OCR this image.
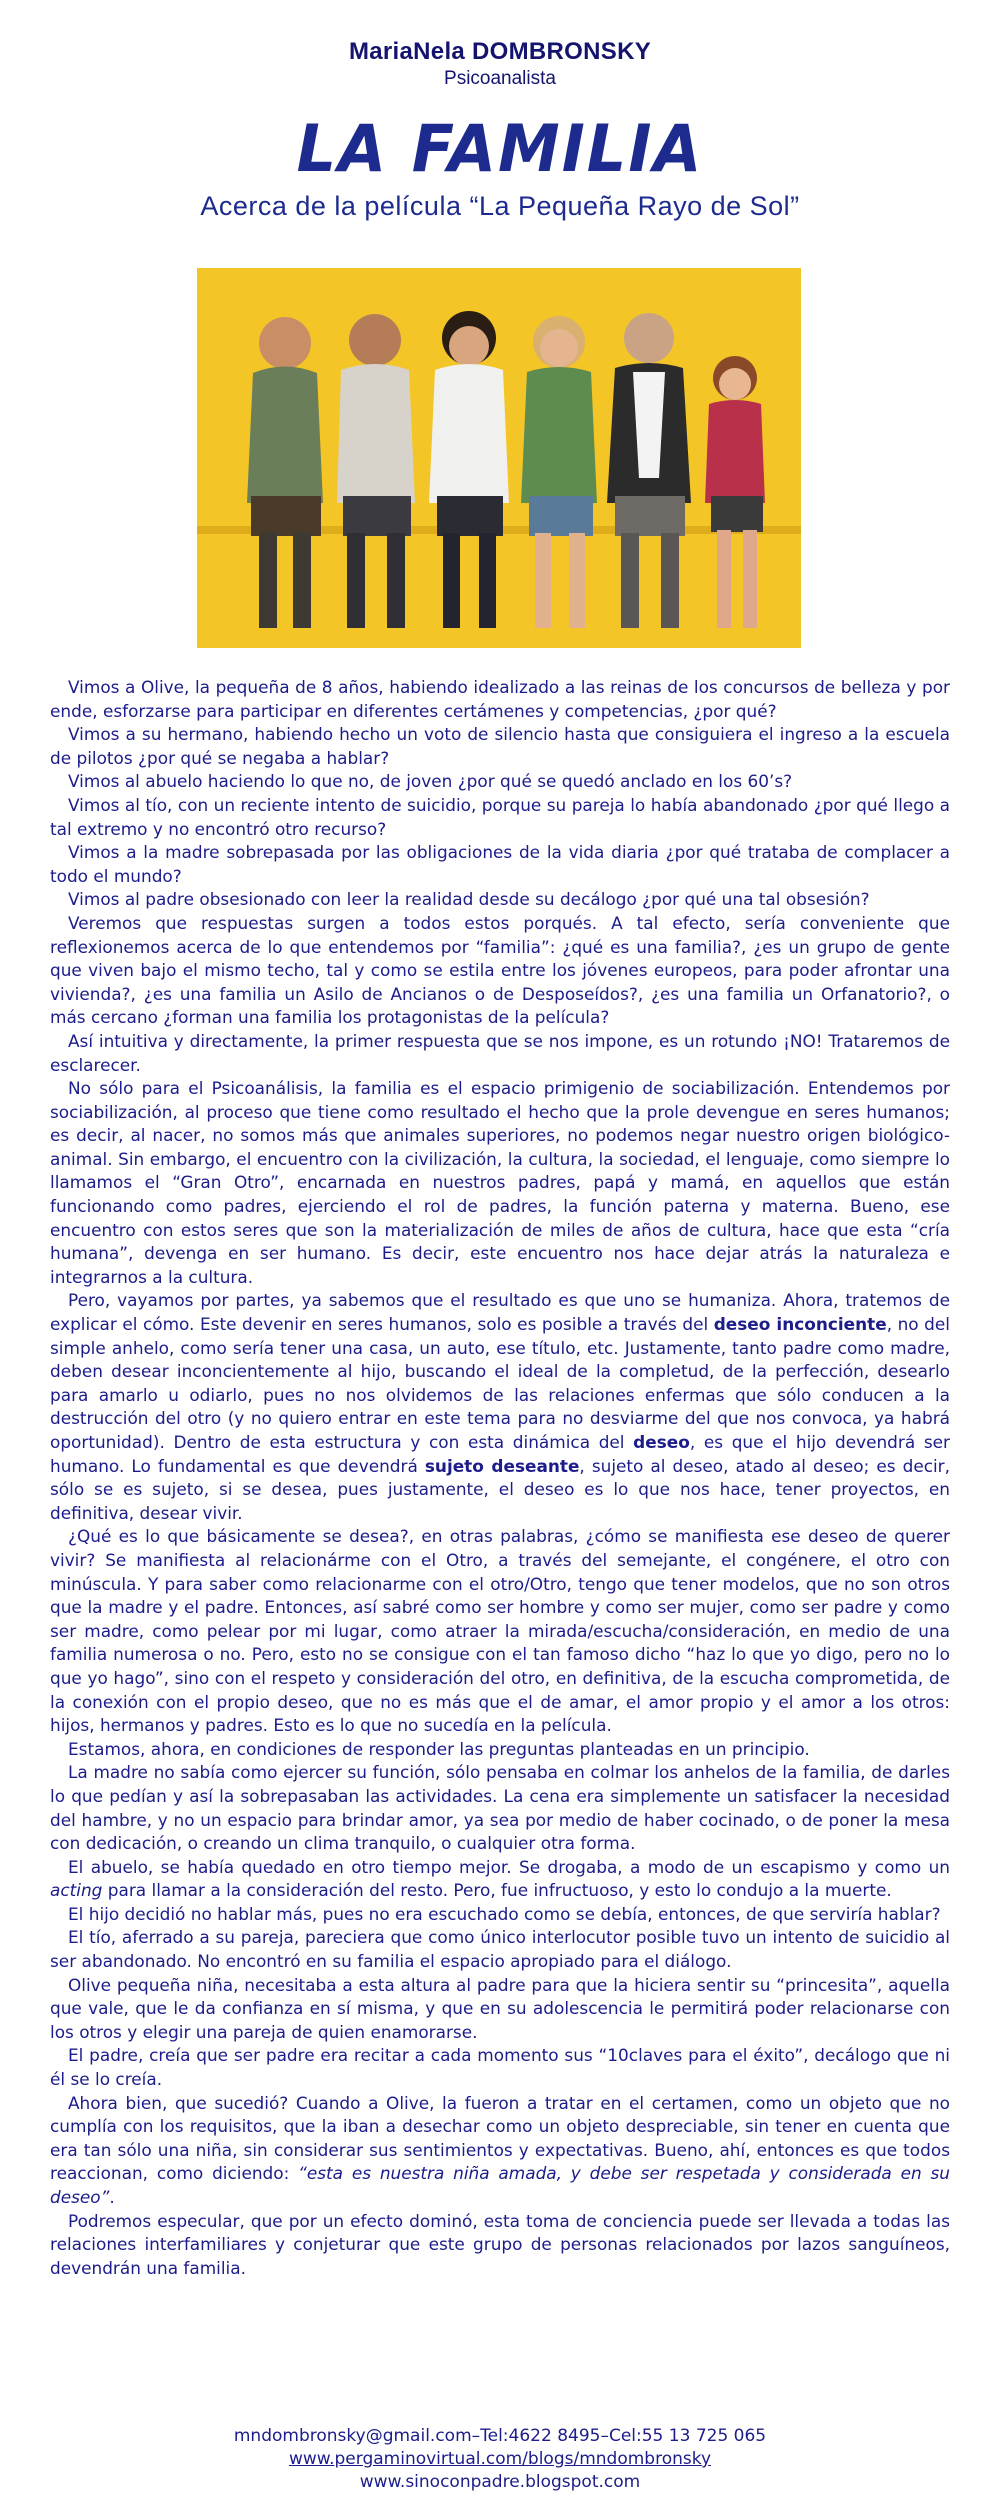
MariaNela DOMBRONSKY
Psicoanalista
LA FAMILIA
Acerca de la película “La Pequeña Rayo de Sol”

Vimos a Olive, la pequeña de 8 años, habiendo idealizado a las reinas de los concursos de belleza y por ende, esforzarse para participar en diferentes certámenes y competencias, ¿por qué?

Vimos a su hermano, habiendo hecho un voto de silencio hasta que consiguiera el ingreso a la escuela de pilotos ¿por qué se negaba a hablar?

Vimos al abuelo haciendo lo que no, de joven ¿por qué se quedó anclado en los 60’s?

Vimos al tío, con un reciente intento de suicidio, porque su pareja lo había abandonado ¿por qué llego a tal extremo y no encontró otro recurso?

Vimos a la madre sobrepasada por las obligaciones de la vida diaria ¿por qué trataba de complacer a todo el mundo?

Vimos al padre obsesionado con leer la realidad desde su decálogo ¿por qué una tal obsesión?

Veremos que respuestas surgen a todos estos porqués. A tal efecto, sería conveniente que reflexionemos acerca de lo que entendemos por “familia”: ¿qué es una familia?, ¿es un grupo de gente que viven bajo el mismo techo, tal y como se estila entre los jóvenes europeos, para poder afrontar una vivienda?, ¿es una familia un Asilo de Ancianos o de Desposeídos?, ¿es una familia un Orfanatorio?, o más cercano ¿forman una familia los protagonistas de la película?

Así intuitiva y directamente, la primer respuesta que se nos impone, es un rotundo ¡NO! Trataremos de esclarecer.

No sólo para el Psicoanálisis, la familia es el espacio primigenio de sociabilización. Entendemos por sociabilización, al proceso que tiene como resultado el hecho que la prole devengue en seres humanos; es decir, al nacer, no somos más que animales superiores, no podemos negar nuestro origen biológico-animal. Sin embargo, el encuentro con la civilización, la cultura, la sociedad, el lenguaje, como siempre lo llamamos el “Gran Otro”, encarnada en nuestros padres, papá y mamá, en aquellos que están funcionando como padres, ejerciendo el rol de padres, la función paterna y materna. Bueno, ese encuentro con estos seres que son la materialización de miles de años de cultura, hace que esta “cría humana”, devenga en ser humano. Es decir, este encuentro nos hace dejar atrás la naturaleza e integrarnos a la cultura.

Pero, vayamos por partes, ya sabemos que el resultado es que uno se humaniza. Ahora, tratemos de explicar el cómo. Este devenir en seres humanos, solo es posible a través del deseo inconciente, no del simple anhelo, como sería tener una casa, un auto, ese título, etc. Justamente, tanto padre como madre, deben desear inconcientemente al hijo, buscando el ideal de la completud, de la perfección, desearlo para amarlo u odiarlo, pues no nos olvidemos de las relaciones enfermas que sólo conducen a la destrucción del otro (y no quiero entrar en este tema para no desviarme del que nos convoca, ya habrá oportunidad). Dentro de esta estructura y con esta dinámica del deseo, es que el hijo devendrá ser humano. Lo fundamental es que devendrá sujeto deseante, sujeto al deseo, atado al deseo; es decir, sólo se es sujeto, si se desea, pues justamente, el deseo es lo que nos hace, tener proyectos, en definitiva, desear vivir.

¿Qué es lo que básicamente se desea?, en otras palabras, ¿cómo se manifiesta ese deseo de querer vivir? Se manifiesta al relacionárme con el Otro, a través del semejante, el congénere, el otro con minúscula. Y para saber como relacionarme con el otro/Otro, tengo que tener modelos, que no son otros que la madre y el padre. Entonces, así sabré como ser hombre y como ser mujer, como ser padre y como ser madre, como pelear por mi lugar, como atraer la mirada/escucha/consideración, en medio de una familia numerosa o no. Pero, esto no se consigue con el tan famoso dicho “haz lo que yo digo, pero no lo que yo hago”, sino con el respeto y consideración del otro, en definitiva, de la escucha comprometida, de la conexión con el propio deseo, que no es más que el de amar, el amor propio y el amor a los otros: hijos, hermanos y padres. Esto es lo que no sucedía en la película.

Estamos, ahora, en condiciones de responder las preguntas planteadas en un principio.

La madre no sabía como ejercer su función, sólo pensaba en colmar los anhelos de la familia, de darles lo que pedían y así la sobrepasaban las actividades. La cena era simplemente un satisfacer la necesidad del hambre, y no un espacio para brindar amor, ya sea por medio de haber cocinado, o de poner la mesa con dedicación, o creando un clima tranquilo, o cualquier otra forma.

El abuelo, se había quedado en otro tiempo mejor. Se drogaba, a modo de un escapismo y como un acting para llamar a la consideración del resto. Pero, fue infructuoso, y esto lo condujo a la muerte.

El hijo decidió no hablar más, pues no era escuchado como se debía, entonces, de que serviría hablar?

El tío, aferrado a su pareja, pareciera que como único interlocutor posible tuvo un intento de suicidio al ser abandonado. No encontró en su familia el espacio apropiado para el diálogo.

Olive pequeña niña, necesitaba a esta altura al padre para que la hiciera sentir su “princesita”, aquella que vale, que le da confianza en sí misma, y que en su adolescencia le permitirá poder relacionarse con los otros y elegir una pareja de quien enamorarse.

El padre, creía que ser padre era recitar a cada momento sus “10claves para el éxito”, decálogo que ni él se lo creía.

Ahora bien, que sucedió? Cuando a Olive, la fueron a tratar en el certamen, como un objeto que no cumplía con los requisitos, que la iban a desechar como un objeto despreciable, sin tener en cuenta que era tan sólo una niña, sin considerar sus sentimientos y expectativas. Bueno, ahí, entonces es que todos reaccionan, como diciendo: “esta es nuestra niña amada, y debe ser respetada y considerada en su deseo”.

Podremos especular, que por un efecto dominó, esta toma de conciencia puede ser llevada a todas las relaciones interfamiliares y conjeturar que este grupo de personas relacionados por lazos sanguíneos, devendrán una familia.

mndombronsky@gmail.com–Tel:4622 8495–Cel:55 13 725 065
www.pergaminovirtual.com/blogs/mndombronsky
www.sinoconpadre.blogspot.com
